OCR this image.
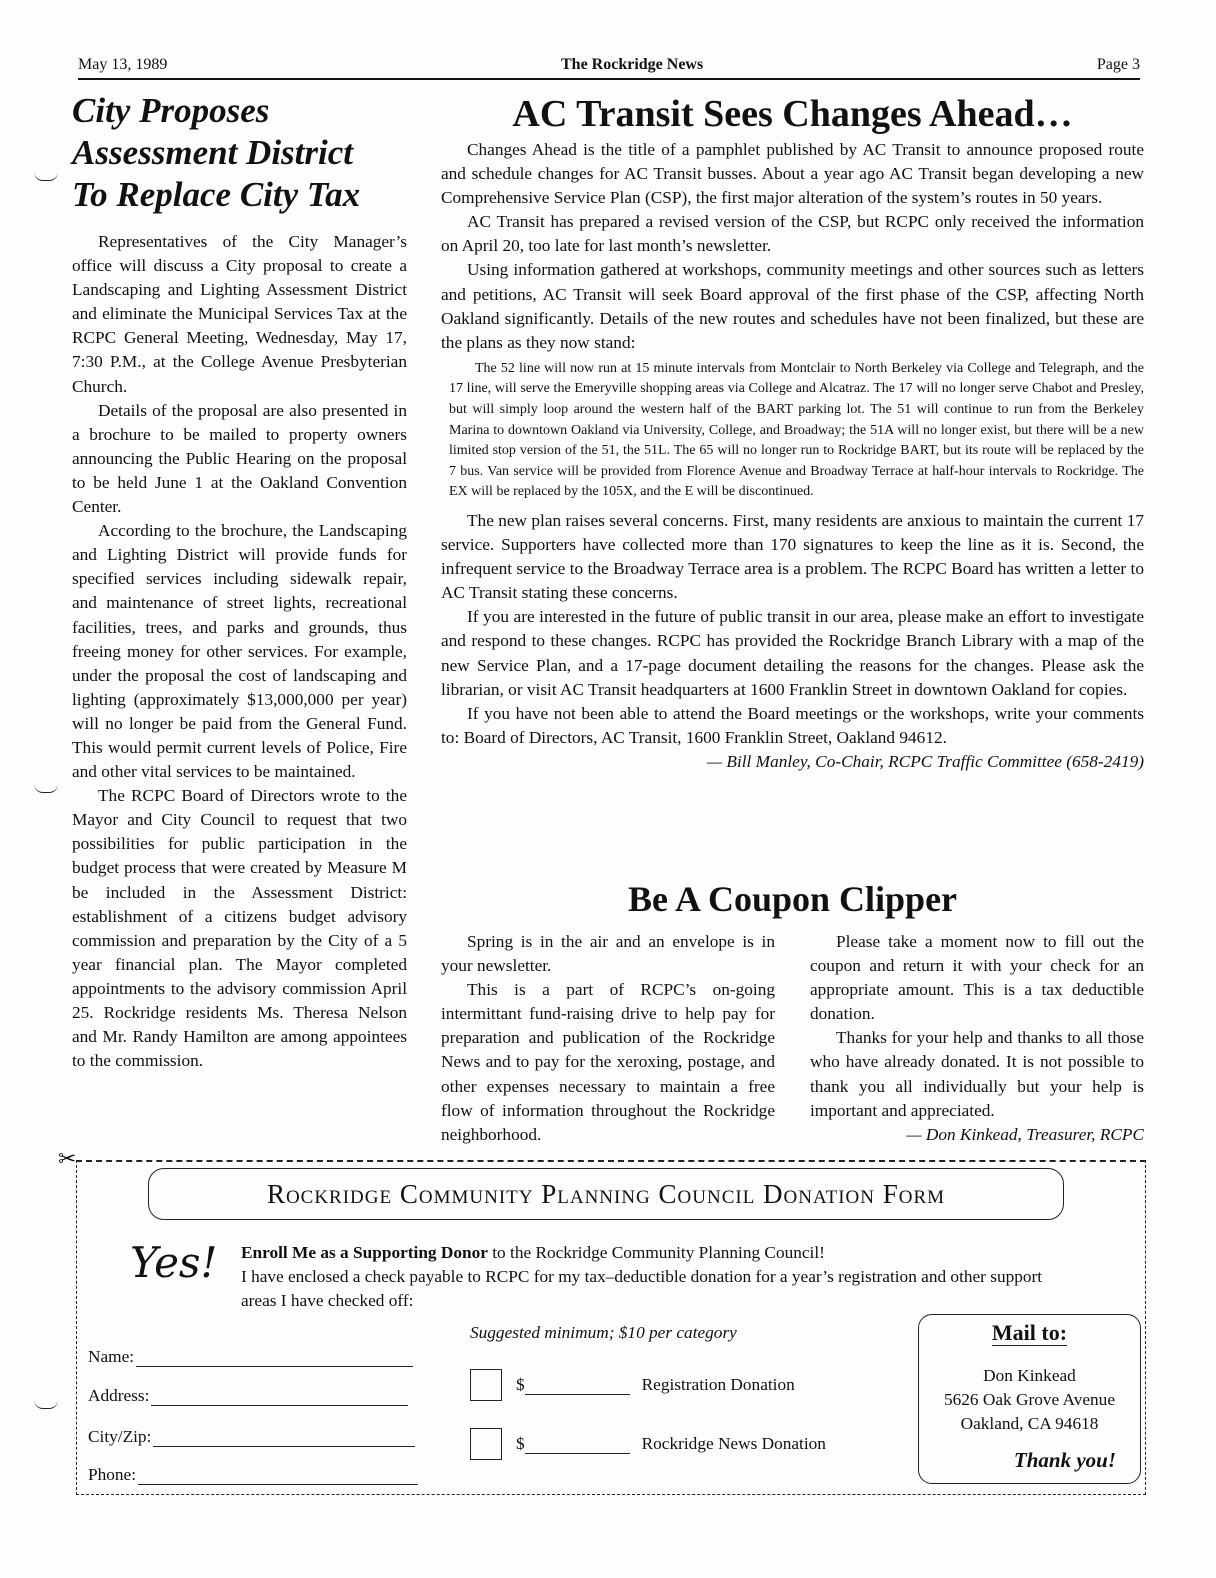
May 13, 1989	The Rockridge News	Page 3
City Proposes
Assessment District
To Replace City Tax

Representatives of the City Manager’s office will discuss a City proposal to create a Landscaping and Lighting Assessment District and eliminate the Municipal Services Tax at the RCPC General Meeting, Wednesday, May 17, 7:30 P.M., at the College Avenue Presbyterian Church.

Details of the proposal are also presented in a brochure to be mailed to property owners announcing the Public Hearing on the proposal to be held June 1 at the Oakland Convention Center.

According to the brochure, the Landscaping and Lighting District will provide funds for specified services including sidewalk repair, and maintenance of street lights, recreational facilities, trees, and parks and grounds, thus freeing money for other services. For example, under the proposal the cost of landscaping and lighting (approximately $13,000,000 per year) will no longer be paid from the General Fund. This would permit current levels of Police, Fire and other vital services to be maintained.

The RCPC Board of Directors wrote to the Mayor and City Council to request that two possibilities for public participation in the budget process that were created by Measure M be included in the Assessment District: establishment of a citizens budget advisory commission and preparation by the City of a 5 year financial plan. The Mayor completed appointments to the advisory commission April 25. Rockridge residents Ms. Theresa Nelson and Mr. Randy Hamilton are among appointees to the commission.

AC Transit Sees Changes Ahead…

Changes Ahead is the title of a pamphlet published by AC Transit to announce proposed route and schedule changes for AC Transit busses. About a year ago AC Transit began developing a new Comprehensive Service Plan (CSP), the first major alteration of the system’s routes in 50 years.

AC Transit has prepared a revised version of the CSP, but RCPC only received the information on April 20, too late for last month’s newsletter.

Using information gathered at workshops, community meetings and other sources such as letters and petitions, AC Transit will seek Board approval of the first phase of the CSP, affecting North Oakland significantly. Details of the new routes and schedules have not been finalized, but these are the plans as they now stand:

The 52 line will now run at 15 minute intervals from Montclair to North Berkeley via College and Telegraph, and the 17 line, will serve the Emeryville shopping areas via College and Alcatraz. The 17 will no longer serve Chabot and Presley, but will simply loop around the western half of the BART parking lot. The 51 will continue to run from the Berkeley Marina to downtown Oakland via University, College, and Broadway; the 51A will no longer exist, but there will be a new limited stop version of the 51, the 51L. The 65 will no longer run to Rockridge BART, but its route will be replaced by the 7 bus. Van service will be provided from Florence Avenue and Broadway Terrace at half-hour intervals to Rockridge. The EX will be replaced by the 105X, and the E will be discontinued.

The new plan raises several concerns. First, many residents are anxious to maintain the current 17 service. Supporters have collected more than 170 signatures to keep the line as it is. Second, the infrequent service to the Broadway Terrace area is a problem. The RCPC Board has written a letter to AC Transit stating these concerns.

If you are interested in the future of public transit in our area, please make an effort to investigate and respond to these changes. RCPC has provided the Rockridge Branch Library with a map of the new Service Plan, and a 17-page document detailing the reasons for the changes. Please ask the librarian, or visit AC Transit headquarters at 1600 Franklin Street in downtown Oakland for copies.

If you have not been able to attend the Board meetings or the workshops, write your comments to: Board of Directors, AC Transit, 1600 Franklin Street, Oakland 94612.

— Bill Manley, Co-Chair, RCPC Traffic Committee (658-2419)
Be A Coupon Clipper

Spring is in the air and an envelope is in your newsletter.

This is a part of RCPC’s on-going intermittant fund-raising drive to help pay for preparation and publication of the Rockridge News and to pay for the xeroxing, postage, and other expenses necessary to maintain a free flow of information throughout the Rockridge neighborhood.

Please take a moment now to fill out the coupon and return it with your check for an appropriate amount. This is a tax deductible donation.

Thanks for your help and thanks to all those who have already donated. It is not possible to thank you all individually but your help is important and appreciated.

— Don Kinkead, Treasurer, RCPC
✂
Rockridge Community Planning Council Donation Form
Yes! Enroll Me as a Supporting Donor to the Rockridge Community Planning Council!
I have enclosed a check payable to RCPC for my tax–deductible donation for a year’s registration and other support areas I have checked off:
Suggested minimum; $10 per category
Name:
Address:
City/Zip:
Phone:
$	Registration Donation
$	Rockridge News Donation
Mail to:
Don Kinkead
5626 Oak Grove Avenue
Oakland, CA 94618
Thank you!
